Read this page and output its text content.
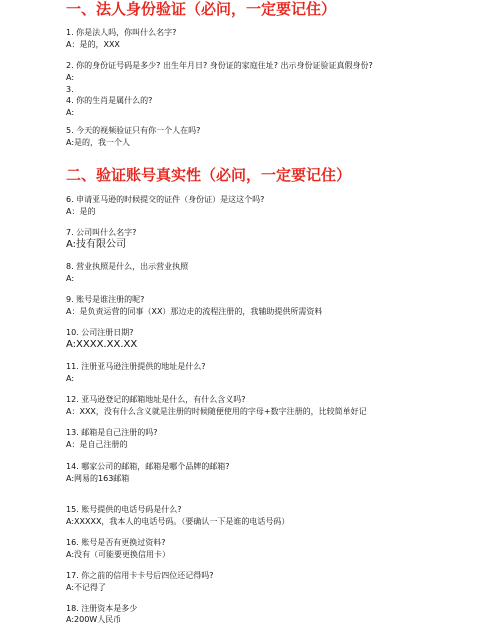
一、法人身份验证（必问，一定要记住）
1. 你是法人吗，你叫什么名字?
A：是的，XXX
2. 你的身份证号码是多少? 出生年月日? 身份证的家庭住址? 出示身份证验证真假身份?
A:
3.
4. 你的生肖是属什么的?
A:
5. 今天的视频验证只有你一个人在吗?
A:是的，我一个人
二、验证账号真实性（必问，一定要记住）
6. 申请亚马逊的时候提交的证件（身份证）是这这个吗?
A：是的
7. 公司叫什么名字?
A:技有限公司
8. 营业执照是什么，出示营业执照
A:
9. 账号是谁注册的呢?
A：是负责运营的同事（XX）那边走的流程注册的，我辅助提供所需资料
10. 公司注册日期?
A:XXXX.XX.XX
11. 注册亚马逊注册提供的地址是什么?
A:
12. 亚马逊登记的邮箱地址是什么，有什么含义吗?
A：XXX，没有什么含义就是注册的时候随便使用的字母+数字注册的，比较简单好记
13. 邮箱是自己注册的吗?
A：是自己注册的
14. 哪家公司的邮箱，邮箱是哪个品牌的邮箱?
A:网易的163邮箱
15. 账号提供的电话号码是什么?
A:XXXXX，我本人的电话号码。（要确认一下是谁的电话号码）
16. 账号是否有更换过资料?
A:没有（可能要更换信用卡）
17. 你之前的信用卡卡号后四位还记得吗?
A:不记得了
18. 注册资本是多少
A:200W人民币
